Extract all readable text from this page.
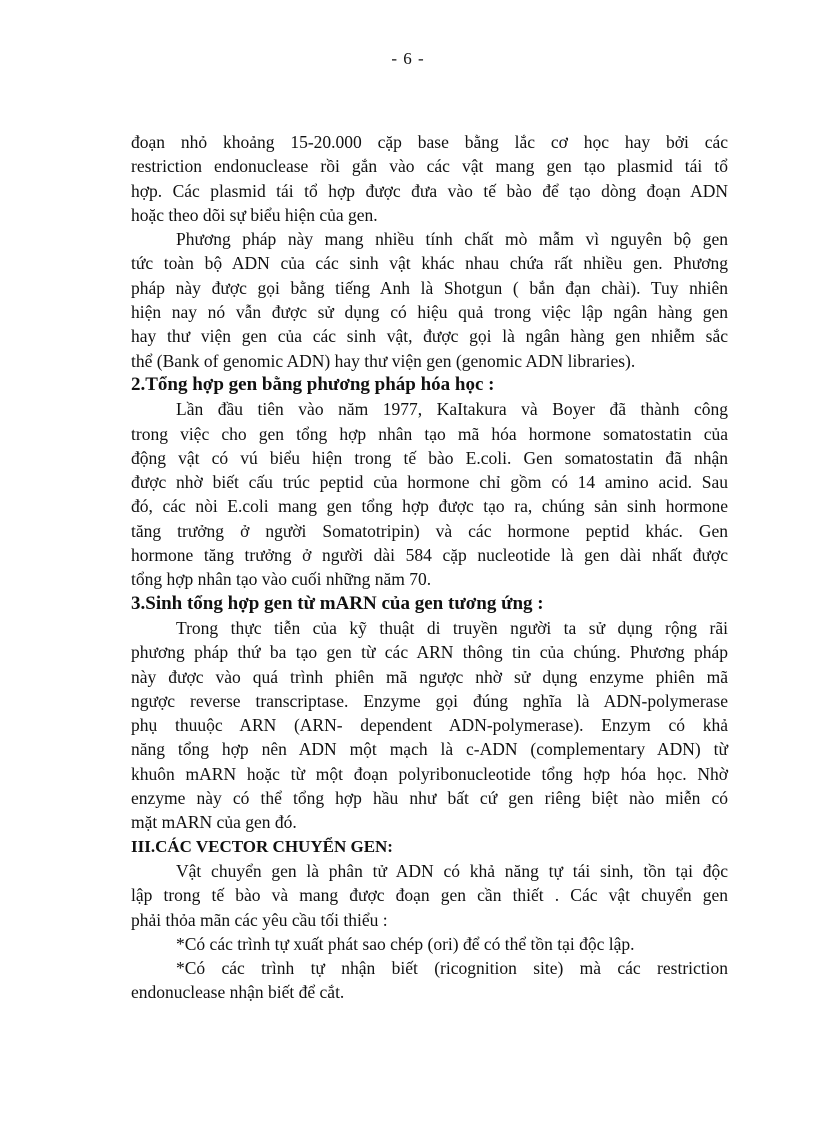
- 6 -

đoạn nhỏ khoảng 15-20.000 cặp base bằng lắc cơ học hay bởi các

restriction endonuclease rồi gắn vào các vật mang gen tạo plasmid tái tổ

hợp. Các plasmid tái tổ hợp được đưa vào tế bào để tạo dòng đoạn ADN

hoặc theo dõi sự biểu hiện của gen.

Phương pháp này mang nhiều tính chất mò mẫm vì nguyên bộ gen

tức toàn bộ ADN của các sinh vật khác nhau chứa rất nhiều gen. Phương

pháp này được gọi bằng tiếng Anh là Shotgun ( bắn đạn chài). Tuy nhiên

hiện nay nó vẫn được sử dụng có hiệu quả trong việc lập ngân hàng gen

hay thư viện gen của các sinh vật, được gọi là ngân hàng gen nhiễm sắc

thể (Bank of genomic ADN) hay thư viện gen (genomic ADN libraries).

2.Tổng hợp gen bằng phương pháp hóa học :

Lần đầu tiên vào năm 1977, KaItakura và Boyer đã thành công

trong việc cho gen tổng hợp nhân tạo mã hóa hormone somatostatin của

động vật có vú biểu hiện trong tế bào E.coli. Gen somatostatin đã nhận

được nhờ biết cấu trúc peptid của hormone chỉ gồm có 14 amino acid. Sau

đó, các nòi E.coli mang gen tổng hợp được tạo ra, chúng sản sinh hormone

tăng trưởng ở người Somatotripin) và các hormone peptid khác. Gen

hormone tăng trưởng ở người dài 584 cặp nucleotide là gen dài nhất được

tổng hợp nhân tạo vào cuối những năm 70.

3.Sinh tổng hợp gen từ mARN của gen tương ứng :

Trong thực tiễn của kỹ thuật di truyền người ta sử dụng rộng rãi

phương pháp thứ ba tạo gen từ các ARN thông tin của chúng. Phương pháp

này được vào quá trình phiên mã ngược nhờ sử dụng enzyme phiên mã

ngược reverse transcriptase. Enzyme gọi đúng nghĩa là ADN-polymerase

phụ thuuộc ARN (ARN- dependent ADN-polymerase). Enzym có khả

năng tổng hợp nên ADN một mạch là c-ADN (complementary ADN) từ

khuôn mARN hoặc từ một đoạn polyribonucleotide tổng hợp hóa học. Nhờ

enzyme này có thể tổng hợp hầu như bất cứ gen riêng biệt nào miễn có

mặt mARN của gen đó.

III.CÁC VECTOR CHUYỂN GEN:

Vật chuyển gen là phân tử ADN có khả năng tự tái sinh, tồn tại độc

lập trong tế bào và mang được đoạn gen cần thiết . Các vật chuyển gen

phải thỏa mãn các yêu cầu tối thiểu :

*Có các trình tự xuất phát sao chép (ori) để có thể tồn tại độc lập.

*Có các trình tự nhận biết (ricognition site) mà các restriction

endonuclease nhận biết để cắt.
